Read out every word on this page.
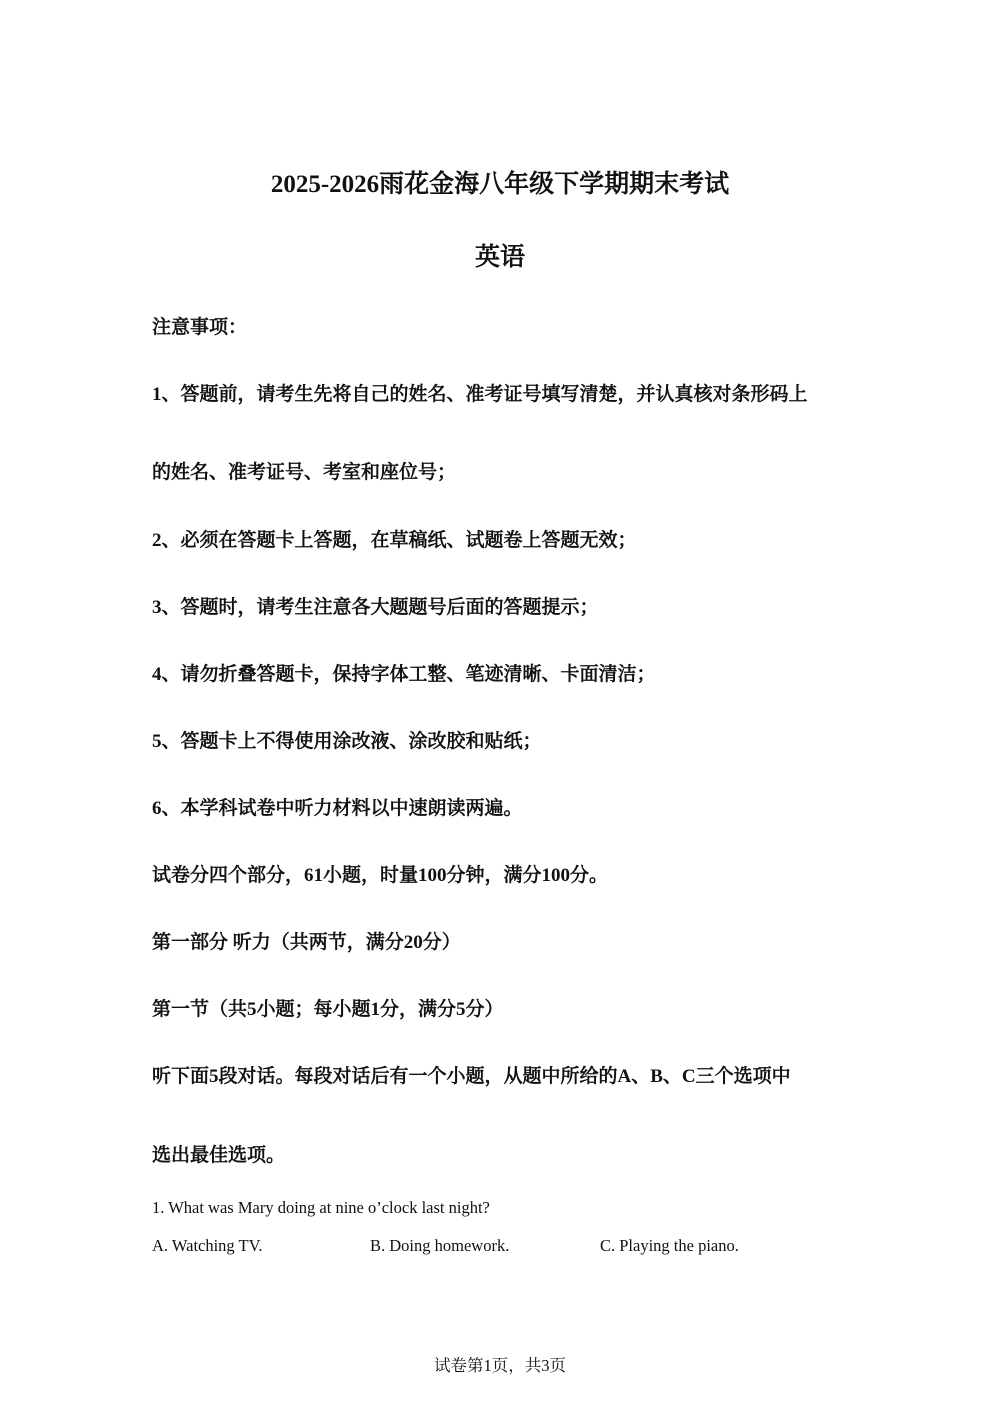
2025-2026雨花金海八年级下学期期末考试
英语
注意事项：
1、答题前，请考生先将自己的姓名、准考证号填写清楚，并认真核对条形码上
的姓名、准考证号、考室和座位号；
2、必须在答题卡上答题，在草稿纸、试题卷上答题无效；
3、答题时，请考生注意各大题题号后面的答题提示；
4、请勿折叠答题卡，保持字体工整、笔迹清晰、卡面清洁；
5、答题卡上不得使用涂改液、涂改胶和贴纸；
6、本学科试卷中听力材料以中速朗读两遍。
试卷分四个部分，61小题，时量100分钟，满分100分。
第一部分 听力（共两节，满分20分）
第一节（共5小题；每小题1分，满分5分）
听下面5段对话。每段对话后有一个小题，从题中所给的A、B、C三个选项中
选出最佳选项。
1. What was Mary doing at nine o’clock last night?
A. Watching TV.	B. Doing homework.	C. Playing the piano.
试卷第1页，共3页
